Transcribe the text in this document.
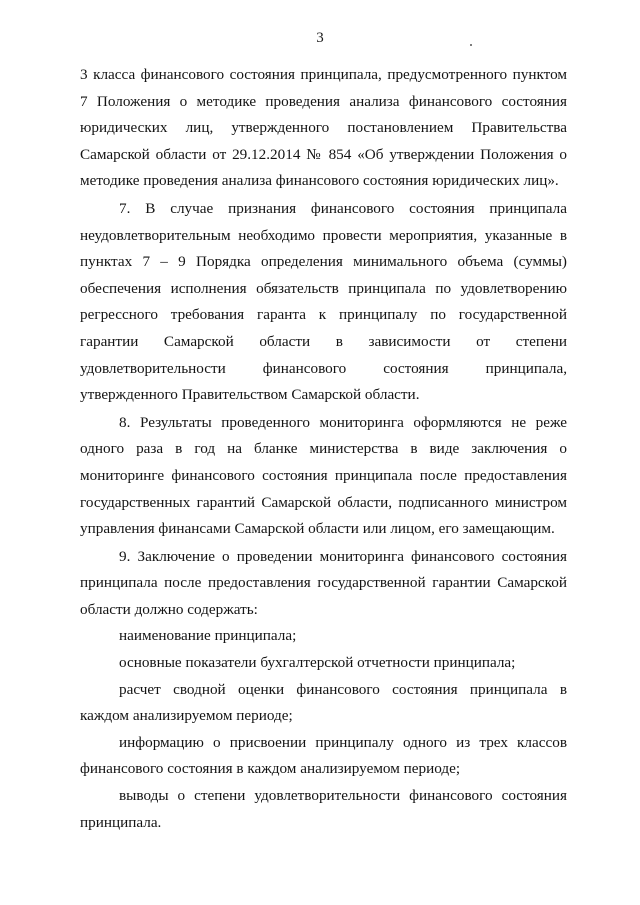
3

3 класса финансового состояния принципала, предусмотренного пунктом 7 Положения о методике проведения анализа финансового состояния юридических лиц, утвержденного постановлением Правительства Самарской области от 29.12.2014 № 854 «Об утверждении Положения о методике проведения анализа финансового состояния юридических лиц».

7. В случае признания финансового состояния принципала неудовлетворительным необходимо провести мероприятия, указанные в пунктах 7 – 9 Порядка определения минимального объема (суммы) обеспечения исполнения обязательств принципала по удовлетворению регрессного требования гаранта к принципалу по государственной гарантии Самарской области в зависимости от степени удовлетворительности финансового состояния принципала, утвержденного Правительством Самарской области.

8. Результаты проведенного мониторинга оформляются не реже одного раза в год на бланке министерства в виде заключения о мониторинге финансового состояния принципала после предоставления государственных гарантий Самарской области, подписанного министром управления финансами Самарской области или лицом, его замещающим.

9. Заключение о проведении мониторинга финансового состояния принципала после предоставления государственной гарантии Самарской области должно содержать:

наименование принципала;

основные показатели бухгалтерской отчетности принципала;

расчет сводной оценки финансового состояния принципала в каждом анализируемом периоде;

информацию о присвоении принципалу одного из трех классов финансового состояния в каждом анализируемом периоде;

выводы о степени удовлетворительности финансового состояния принципала.
